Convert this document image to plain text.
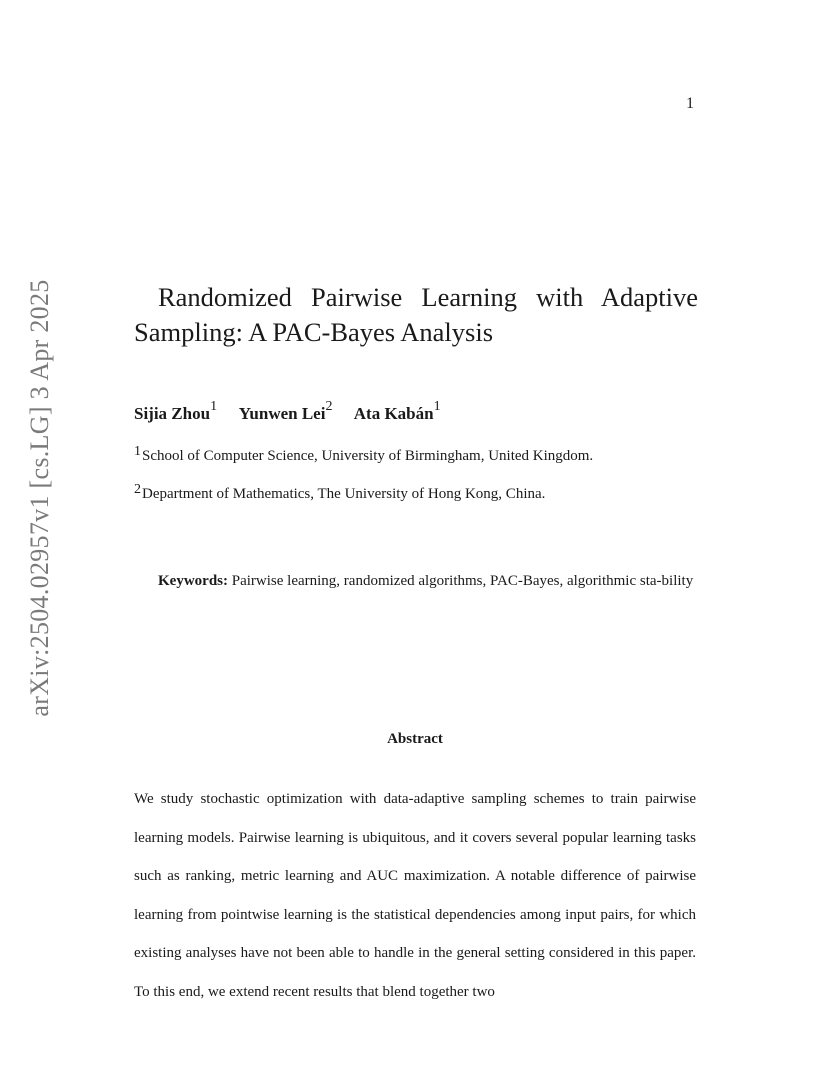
1
arXiv:2504.02957v1 [cs.LG] 3 Apr 2025	Randomized Pairwise Learning with Adaptive Sampling: A PAC-Bayes Analysis
Sijia Zhou$^1$ Yunwen Lei$^2$ Ata Kabán$^1$
$^1$School of Computer Science, University of Birmingham, United Kingdom.
$^2$Department of Mathematics, The University of Hong Kong, China.

Keywords: Pairwise learning, randomized algorithms, PAC-Bayes, algorithmic sta-bility

Abstract

We study stochastic optimization with data-adaptive sampling schemes to train pairwise learning models. Pairwise learning is ubiquitous, and it covers several popular learning tasks such as ranking, metric learning and AUC maximization. A notable difference of pairwise learning from pointwise learning is the statistical dependencies among input pairs, for which existing analyses have not been able to handle in the general setting considered in this paper. To this end, we extend recent results that blend together two
